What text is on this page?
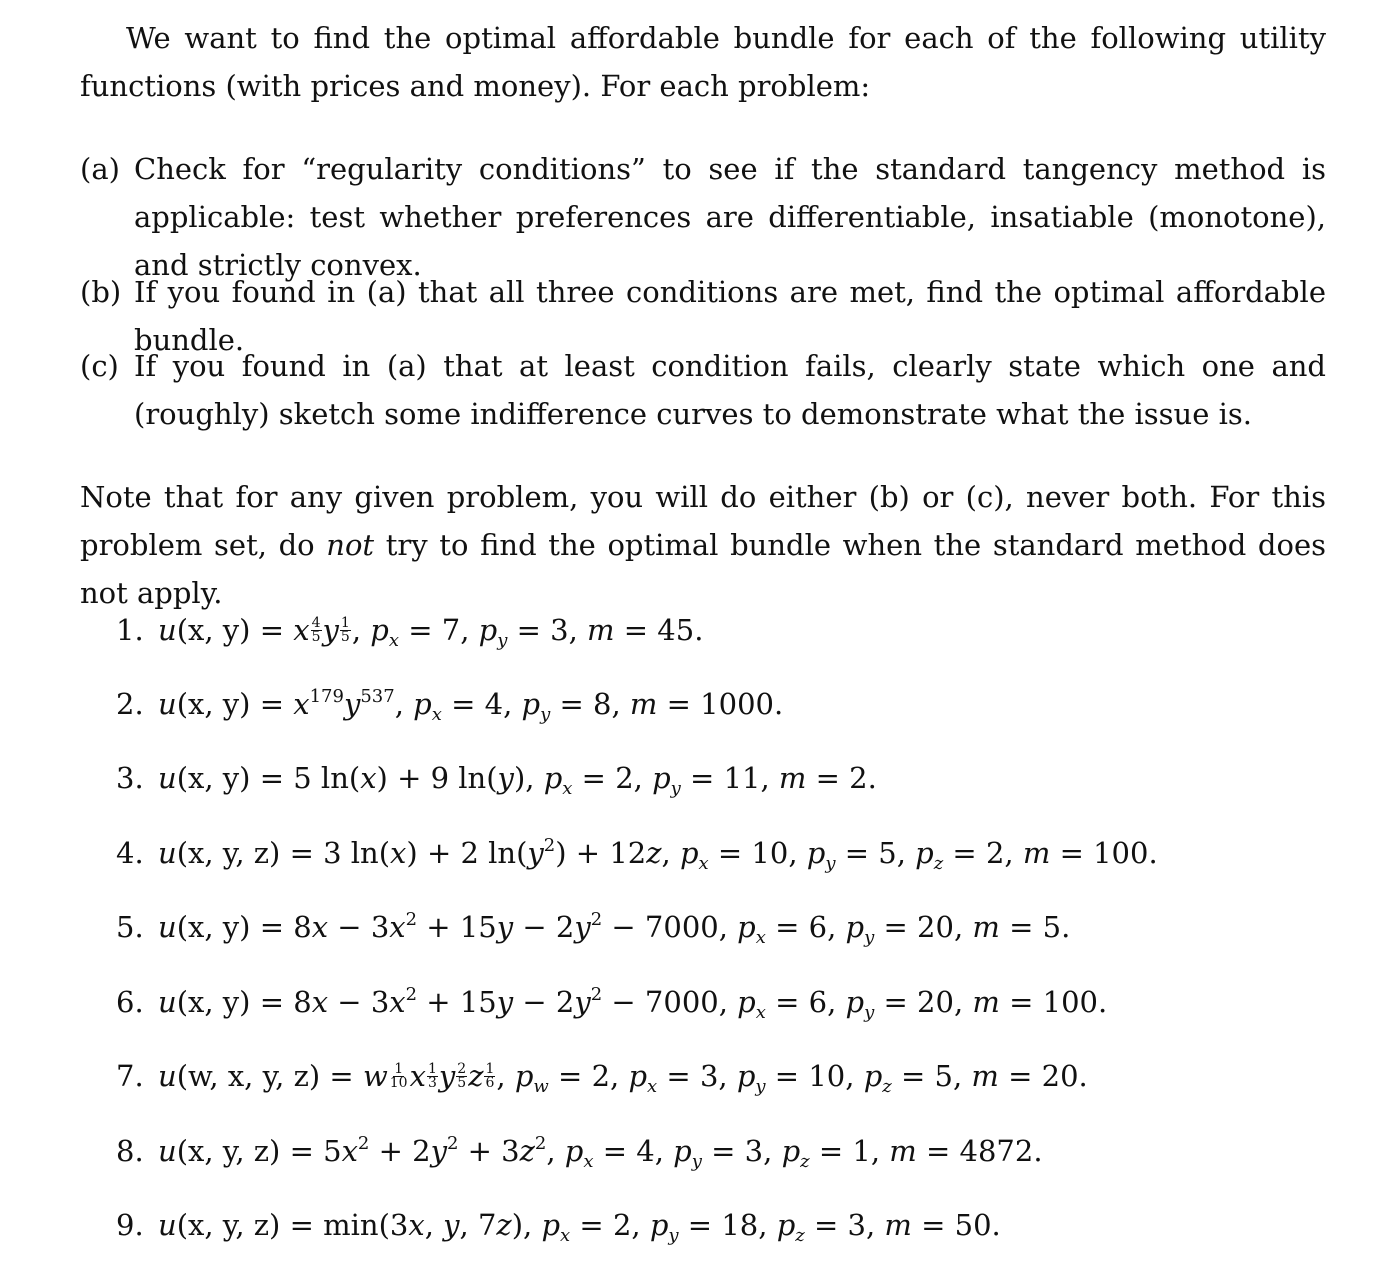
We want to find the optimal affordable bundle for each of the following utility functions (with prices and money). For each problem:
(a) Check for “regularity conditions” to see if the standard tangency method is applicable: test whether preferences are differentiable, insatiable (monotone), and strictly convex.
(b) If you found in (a) that all three conditions are met, find the optimal affordable bundle.
(c) If you found in (a) that at least condition fails, clearly state which one and (roughly) sketch some indifference curves to demonstrate what the issue is.
Note that for any given problem, you will do either (b) or (c), never both. For this problem set, do not try to find the optimal bundle when the standard method does not apply.
1. u(x, y) = x $\frac{4}{5}$ y $\frac{1}{5}$ , $p_x = 7$, $p_y = 3$, m = 45.
2. u(x, $y) = x^{179}y^{537}$, $p_x = 4$, $p_y = 8$, m = 1000.
3. u(x, y) = 5 ln(x) + 9 ln(y), $p_x = 2$, $p_y = 11$, m = 2.
4. u(x, y, z) = 3 ln(x) + 2 $\ln(y^2) + 12z$, $p_x = 10$, $p_y = 5$, $p_z = 2$, m = 100.
5. u(x, $y) = 8x - 3x^2 + 15y - 2y^2 - 7000$, $p_x = 6$, $p_y = 20$, m = 5.
6. u(x, $y) = 8x - 3x^2 + 15y - 2y^2 - 7000$, $p_x = 6$, $p_y = 20$, m = 100.
7. u(w, x, y, z) = w $\frac{1}{10}$ x $\frac{1}{3}$ y $\frac{2}{5}$ z $\frac{1}{6}$ , $p_w = 2$, $p_x = 3$, $p_y = 10$, $p_z = 5$, m = 20.
8. u(x, y, $z) = 5x^2 + 2y^2 + 3z^2$, $p_x = 4$, $p_y = 3$, $p_z = 1$, m = 4872.
9. u(x, y, z) = min(3x, y, 7z), $p_x = 2$, $p_y = 18$, $p_z = 3$, m = 50.
